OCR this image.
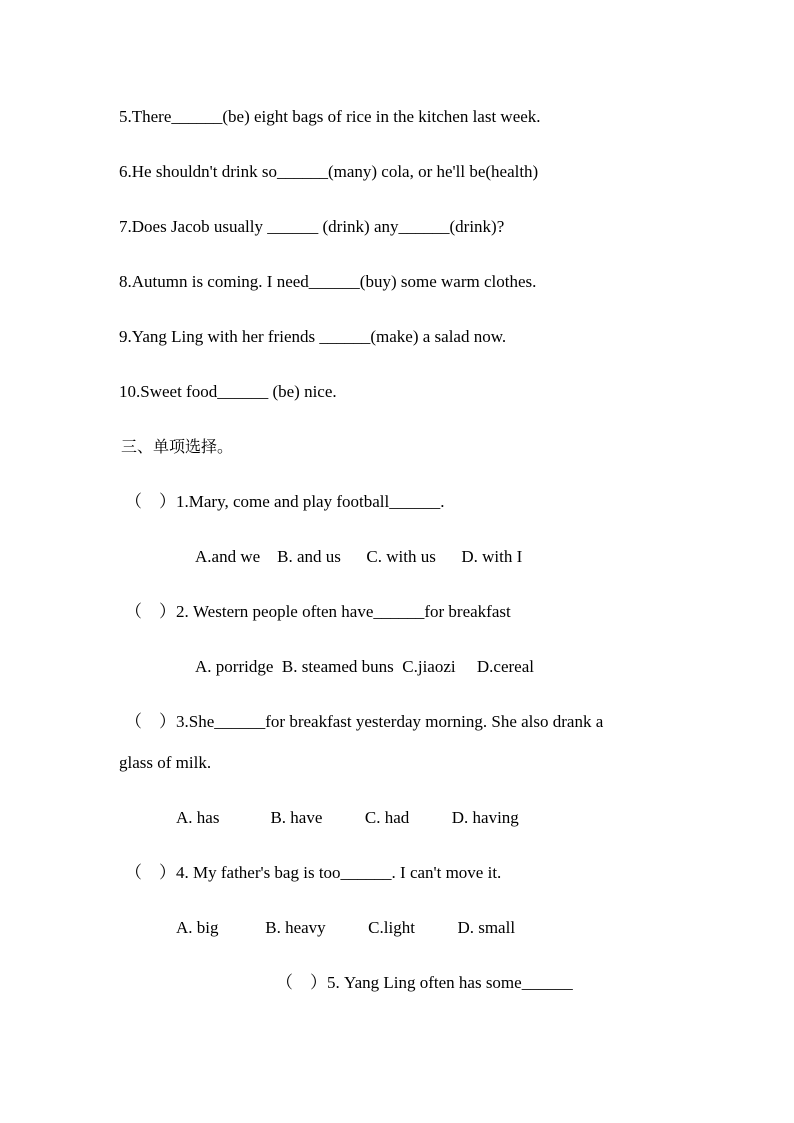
5.There______(be) eight bags of rice in the kitchen last week.
6.He shouldn't drink so______(many) cola, or he'll be(health)
7.Does Jacob usually ______ (drink) any______(drink)?
8.Autumn is coming. I need______(buy) some warm clothes.
9.Yang Ling with her friends ______(make) a salad now.
10.Sweet food______ (be) nice.
三、单项选择。
（    ）1.Mary, come and play football______.
A.and we    B. and us      C. with us      D. with I
（    ）2. Western people often have______for breakfast
A. porridge  B. steamed buns  C.jiaozi     D.cereal
（    ）3.She______for breakfast yesterday morning. She also drank a
glass of milk.
A. has            B. have          C. had          D. having
（    ）4. My father's bag is too______. I can't move it.
A. big           B. heavy          C.light          D. small
（    ）5. Yang Ling often has some______
